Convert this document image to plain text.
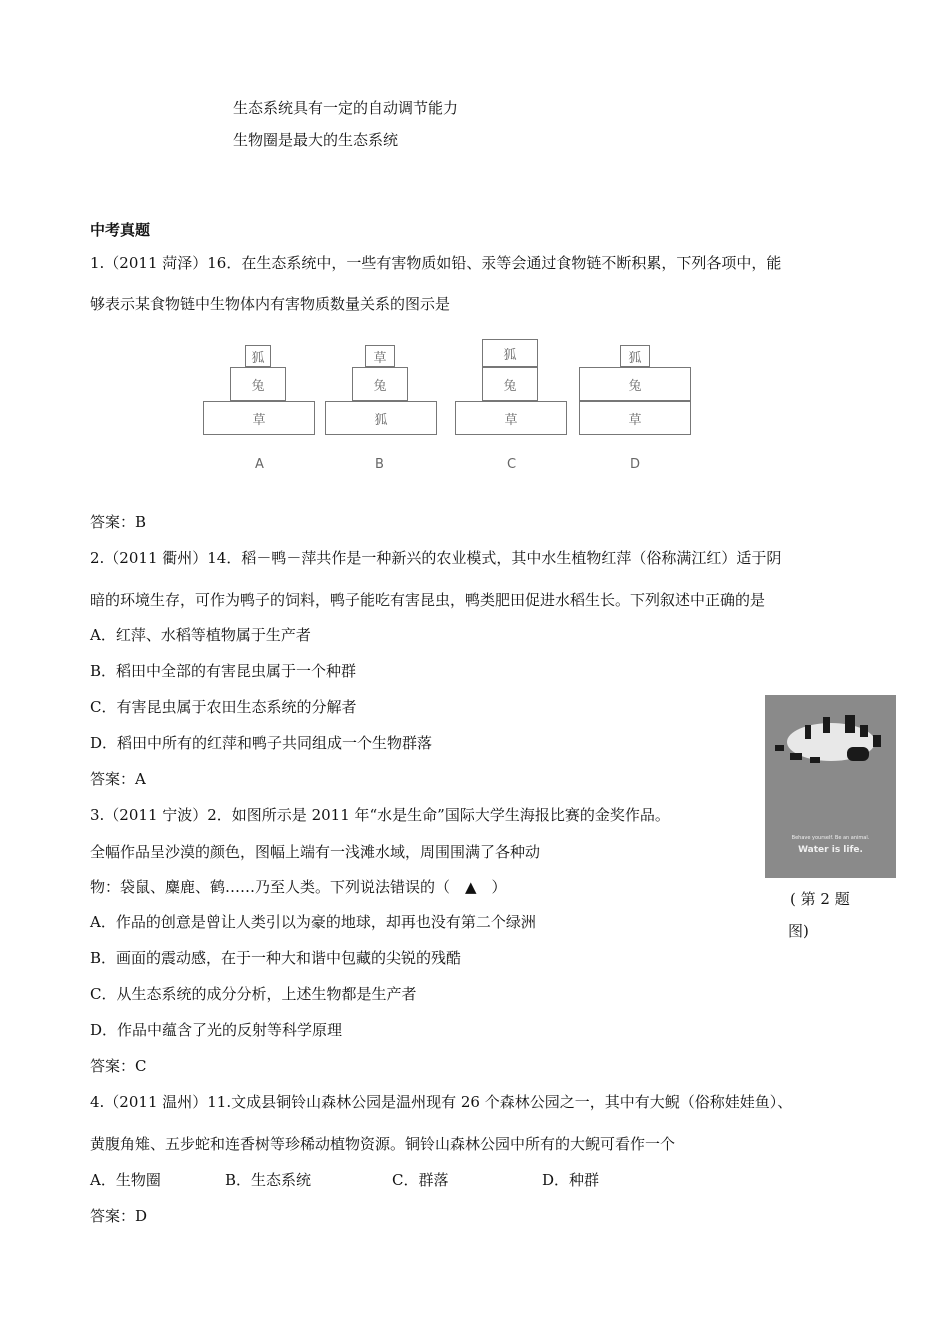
生态系统具有一定的自动调节能力
生物圈是最大的生态系统
中考真题
1.（2011 菏泽）16．在生态系统中，一些有害物质如铅、汞等会通过食物链不断积累，下列各项中，能
够表示某食物链中生物体内有害物质数量关系的图示是
狐
兔
草
A
草
兔
狐
B
狐
兔
草
C
狐
兔
草
D
答案：B
2.（2011 衢州）14．稻－鸭－萍共作是一种新兴的农业模式，其中水生植物红萍（俗称满江红）适于阴
暗的环境生存，可作为鸭子的饲料，鸭子能吃有害昆虫，鸭类肥田促进水稻生长。下列叙述中正确的是
A．红萍、水稻等植物属于生产者
B．稻田中全部的有害昆虫属于一个种群
C．有害昆虫属于农田生态系统的分解者
D．稻田中所有的红萍和鸭子共同组成一个生物群落
答案：A
3.（2011 宁波）2．如图所示是 2011 年“水是生命”国际大学生海报比赛的金奖作品。
全幅作品呈沙漠的颜色，图幅上端有一浅滩水域，周围围满了各种动
物：袋鼠、麋鹿、鹤……乃至人类。下列说法错误的（　▲　）
A．作品的创意是曾让人类引以为豪的地球，却再也没有第二个绿洲
B．画面的震动感，在于一种大和谐中包藏的尖锐的残酷
C．从生态系统的成分分析，上述生物都是生产者
D．作品中蕴含了光的反射等科学原理
答案：C
Behave yourself. Be an animal.
Water is life.
( 第 2 题
图)
4.（2011 温州）11.文成县铜铃山森林公园是温州现有 26 个森林公园之一，其中有大鲵（俗称娃娃鱼）、
黄腹角雉、五步蛇和连香树等珍稀动植物资源。铜铃山森林公园中所有的大鲵可看作一个
A．生物圈	B．生态系统	C．群落	D．种群
答案：D
